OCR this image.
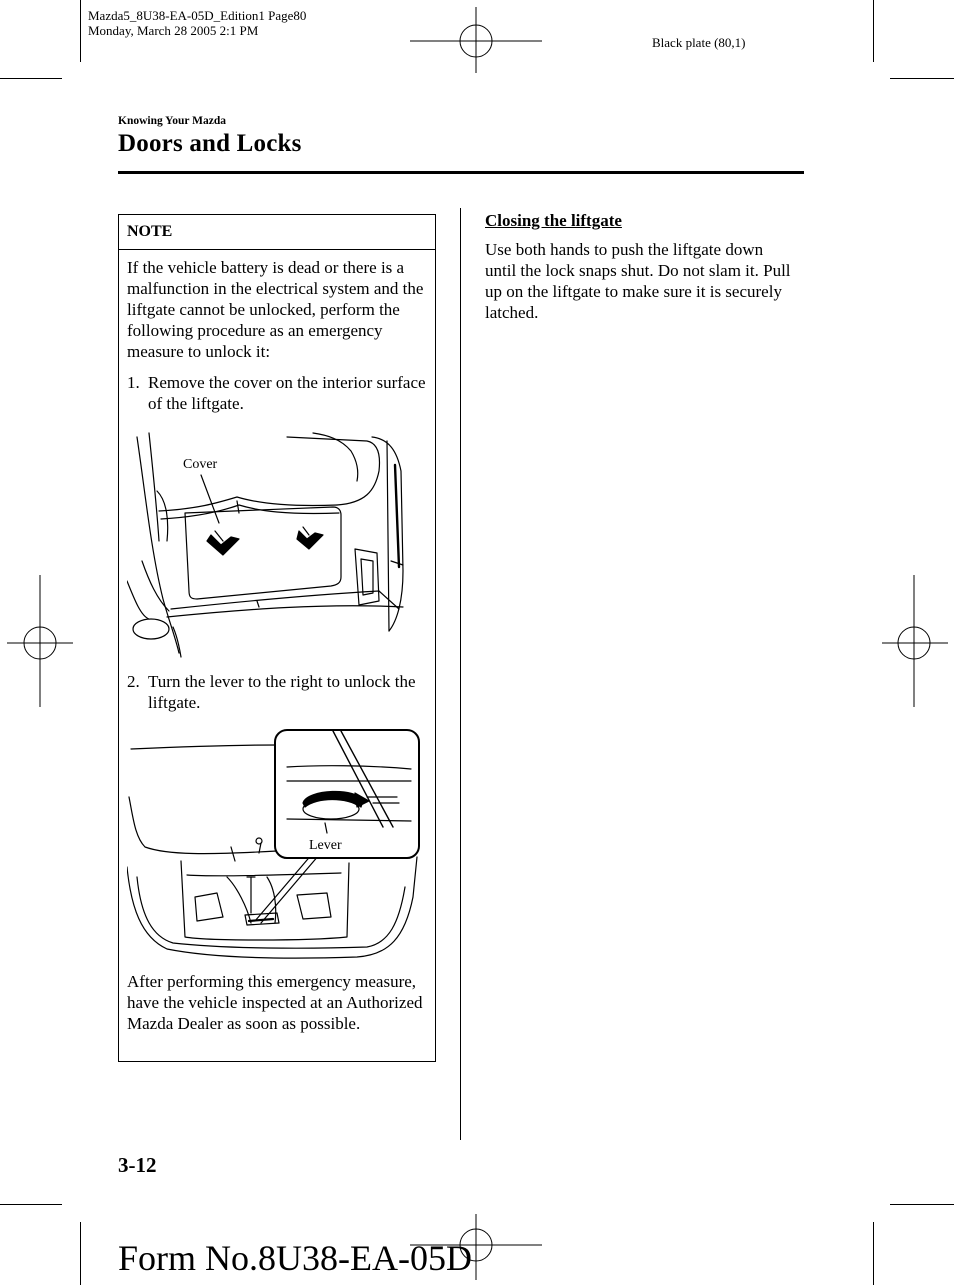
Mazda5_8U38-EA-05D_Edition1 Page80
Monday, March 28 2005 2:1 PM
Black plate (80,1)
Knowing Your Mazda
Doors and Locks
NOTE
If the vehicle battery is dead or there is a malfunction in the electrical system and the liftgate cannot be unlocked, perform the following procedure as an emergency measure to unlock it:
1. Remove the cover on the interior surface of the liftgate.
Cover
2. Turn the lever to the right to unlock the liftgate.
Lever
After performing this emergency measure, have the vehicle inspected at an Authorized Mazda Dealer as soon as possible.
Closing the liftgate
Use both hands to push the liftgate down until the lock snaps shut. Do not slam it. Pull up on the liftgate to make sure it is securely latched.
3-12
Form No.8U38-EA-05D
